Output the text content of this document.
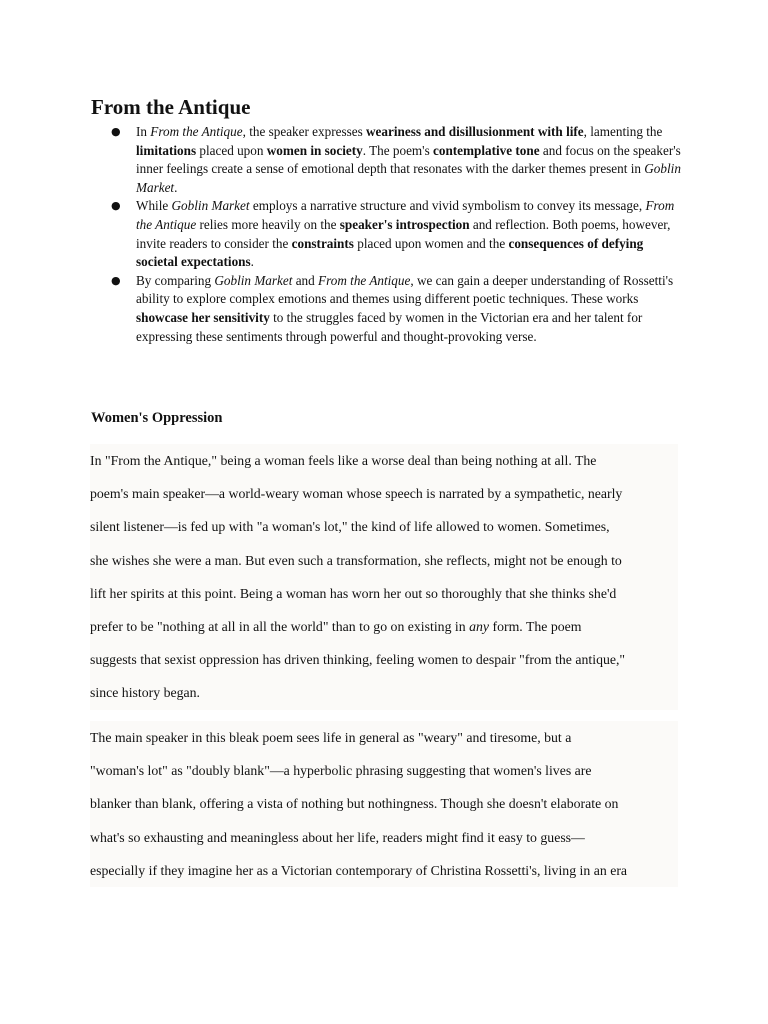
From the Antique
● In From the Antique, the speaker expresses weariness and disillusionment with life, lamenting the limitations placed upon women in society. The poem's contemplative tone and focus on the speaker's inner feelings create a sense of emotional depth that resonates with the darker themes present in Goblin Market.
● While Goblin Market employs a narrative structure and vivid symbolism to convey its message, From the Antique relies more heavily on the speaker's introspection and reflection. Both poems, however, invite readers to consider the constraints placed upon women and the consequences of defying societal expectations.
● By comparing Goblin Market and From the Antique, we can gain a deeper understanding of Rossetti's ability to explore complex emotions and themes using different poetic techniques. These works showcase her sensitivity to the struggles faced by women in the Victorian era and her talent for expressing these sentiments through powerful and thought-provoking verse.
Women's Oppression
In "From the Antique," being a woman feels like a worse deal than being nothing at all. The
poem's main speaker—a world-weary woman whose speech is narrated by a sympathetic, nearly
silent listener—is fed up with "a woman's lot," the kind of life allowed to women. Sometimes,
she wishes she were a man. But even such a transformation, she reflects, might not be enough to
lift her spirits at this point. Being a woman has worn her out so thoroughly that she thinks she'd
prefer to be "nothing at all in all the world" than to go on existing in any form. The poem
suggests that sexist oppression has driven thinking, feeling women to despair "from the antique,"
since history began.
The main speaker in this bleak poem sees life in general as "weary" and tiresome, but a
"woman's lot" as "doubly blank"—a hyperbolic phrasing suggesting that women's lives are
blanker than blank, offering a vista of nothing but nothingness. Though she doesn't elaborate on
what's so exhausting and meaningless about her life, readers might find it easy to guess—
especially if they imagine her as a Victorian contemporary of Christina Rossetti's, living in an era
